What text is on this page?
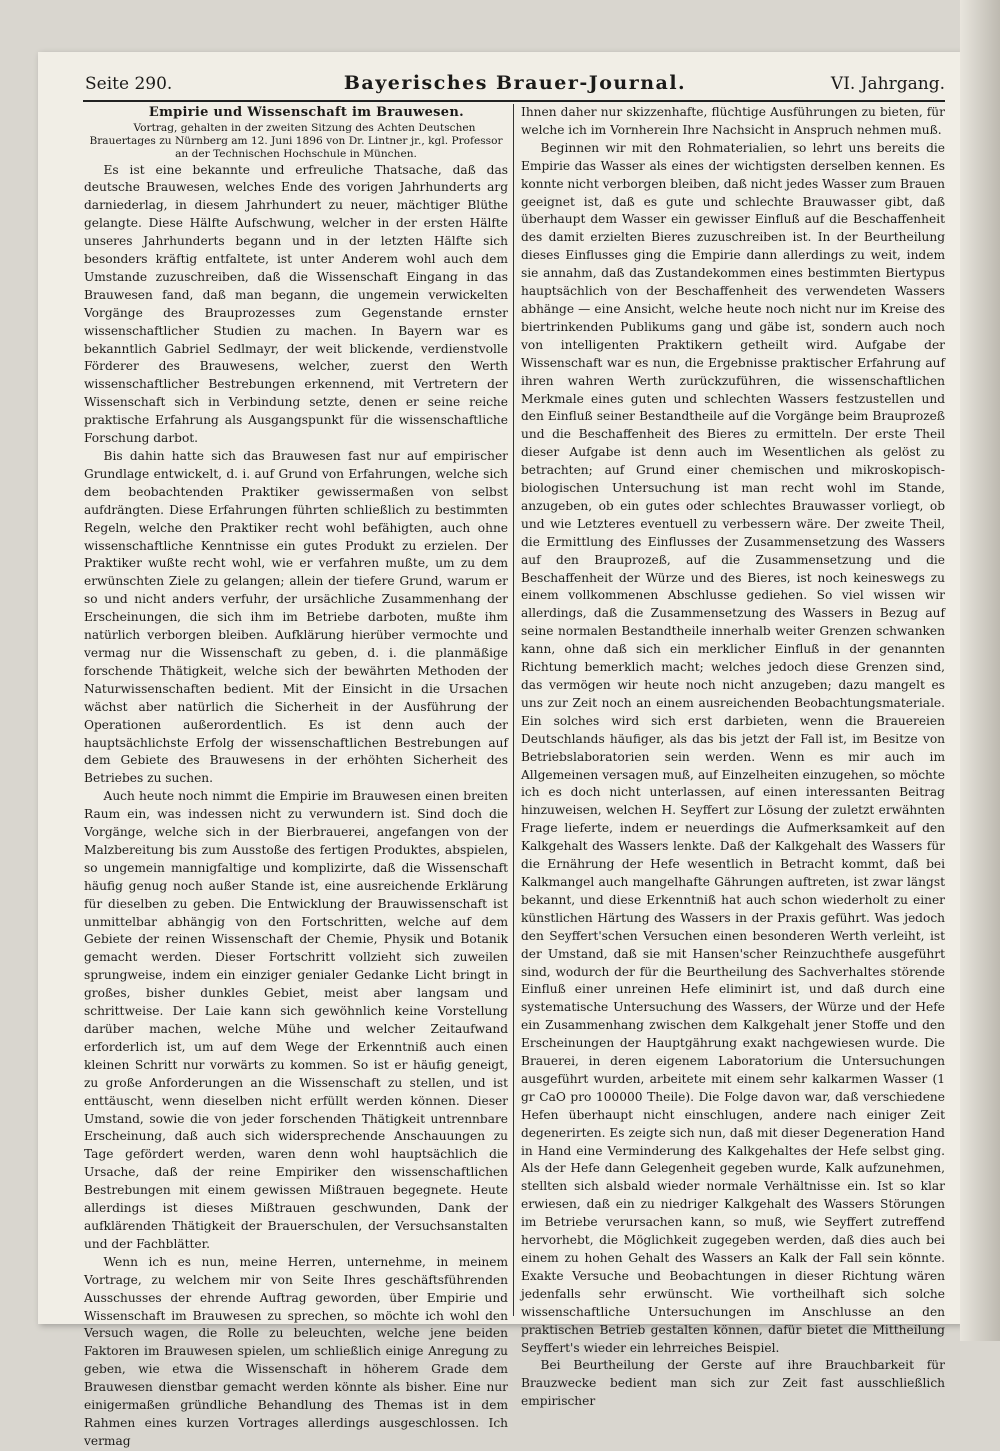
Seite 290.	Bayerisches Brauer-Journal.	VI. Jahrgang.

Empirie und Wissenschaft im Brauwesen.

Vortrag, gehalten in der zweiten Sitzung des Achten Deutschen Brauertages zu Nürnberg am 12. Juni 1896 von Dr. Lintner jr., kgl. Professor an der Technischen Hochschule in München.

Es ist eine bekannte und erfreuliche Thatsache, daß das deutsche Brauwesen, welches Ende des vorigen Jahrhunderts arg darniederlag, in diesem Jahrhundert zu neuer, mächtiger Blüthe gelangte. Diese Hälfte Aufschwung, welcher in der ersten Hälfte unseres Jahrhunderts begann und in der letzten Hälfte sich besonders kräftig entfaltete, ist unter Anderem wohl auch dem Umstande zuzuschreiben, daß die Wissenschaft Eingang in das Brauwesen fand, daß man begann, die ungemein verwickelten Vorgänge des Brauprozesses zum Gegenstande ernster wissenschaftlicher Studien zu machen. In Bayern war es bekanntlich Gabriel Sedlmayr, der weit blickende, verdienstvolle Förderer des Brauwesens, welcher, zuerst den Werth wissenschaftlicher Bestrebungen erkennend, mit Vertretern der Wissenschaft sich in Verbindung setzte, denen er seine reiche praktische Erfahrung als Ausgangspunkt für die wissenschaftliche Forschung darbot.

Bis dahin hatte sich das Brauwesen fast nur auf empirischer Grundlage entwickelt, d. i. auf Grund von Erfahrungen, welche sich dem beobachtenden Praktiker gewissermaßen von selbst aufdrängten. Diese Erfahrungen führten schließlich zu bestimmten Regeln, welche den Praktiker recht wohl befähigten, auch ohne wissenschaftliche Kenntnisse ein gutes Produkt zu erzielen. Der Praktiker wußte recht wohl, wie er verfahren mußte, um zu dem erwünschten Ziele zu gelangen; allein der tiefere Grund, warum er so und nicht anders verfuhr, der ursächliche Zusammenhang der Erscheinungen, die sich ihm im Betriebe darboten, mußte ihm natürlich verborgen bleiben. Aufklärung hierüber vermochte und vermag nur die Wissenschaft zu geben, d. i. die planmäßige forschende Thätigkeit, welche sich der bewährten Methoden der Naturwissenschaften bedient. Mit der Einsicht in die Ursachen wächst aber natürlich die Sicherheit in der Ausführung der Operationen außerordentlich. Es ist denn auch der hauptsächlichste Erfolg der wissenschaftlichen Bestrebungen auf dem Gebiete des Brauwesens in der erhöhten Sicherheit des Betriebes zu suchen.

Auch heute noch nimmt die Empirie im Brauwesen einen breiten Raum ein, was indessen nicht zu verwundern ist. Sind doch die Vorgänge, welche sich in der Bierbrauerei, angefangen von der Malzbereitung bis zum Ausstoße des fertigen Produktes, abspielen, so ungemein mannigfaltige und komplizirte, daß die Wissenschaft häufig genug noch außer Stande ist, eine ausreichende Erklärung für dieselben zu geben. Die Entwicklung der Brauwissenschaft ist unmittelbar abhängig von den Fortschritten, welche auf dem Gebiete der reinen Wissenschaft der Chemie, Physik und Botanik gemacht werden. Dieser Fortschritt vollzieht sich zuweilen sprungweise, indem ein einziger genialer Gedanke Licht bringt in großes, bisher dunkles Gebiet, meist aber langsam und schrittweise. Der Laie kann sich gewöhnlich keine Vorstellung darüber machen, welche Mühe und welcher Zeitaufwand erforderlich ist, um auf dem Wege der Erkenntniß auch einen kleinen Schritt nur vorwärts zu kommen. So ist er häufig geneigt, zu große Anforderungen an die Wissenschaft zu stellen, und ist enttäuscht, wenn dieselben nicht erfüllt werden können. Dieser Umstand, sowie die von jeder forschenden Thätigkeit untrennbare Erscheinung, daß auch sich widersprechende Anschauungen zu Tage gefördert werden, waren denn wohl hauptsächlich die Ursache, daß der reine Empiriker den wissenschaftlichen Bestrebungen mit einem gewissen Mißtrauen begegnete. Heute allerdings ist dieses Mißtrauen geschwunden, Dank der aufklärenden Thätigkeit der Brauerschulen, der Versuchsanstalten und der Fachblätter.

Wenn ich es nun, meine Herren, unternehme, in meinem Vortrage, zu welchem mir von Seite Ihres geschäftsführenden Ausschusses der ehrende Auftrag geworden, über Empirie und Wissenschaft im Brauwesen zu sprechen, so möchte ich wohl den Versuch wagen, die Rolle zu beleuchten, welche jene beiden Faktoren im Brauwesen spielen, um schließlich einige Anregung zu geben, wie etwa die Wissenschaft in höherem Grade dem Brauwesen dienstbar gemacht werden könnte als bisher. Eine nur einigermaßen gründliche Behandlung des Themas ist in dem Rahmen eines kurzen Vortrages allerdings ausgeschlossen. Ich vermag

Ihnen daher nur skizzenhafte, flüchtige Ausführungen zu bieten, für welche ich im Vornherein Ihre Nachsicht in Anspruch nehmen muß.

Beginnen wir mit den Rohmaterialien, so lehrt uns bereits die Empirie das Wasser als eines der wichtigsten derselben kennen. Es konnte nicht verborgen bleiben, daß nicht jedes Wasser zum Brauen geeignet ist, daß es gute und schlechte Brauwasser gibt, daß überhaupt dem Wasser ein gewisser Einfluß auf die Beschaffenheit des damit erzielten Bieres zuzuschreiben ist. In der Beurtheilung dieses Einflusses ging die Empirie dann allerdings zu weit, indem sie annahm, daß das Zustandekommen eines bestimmten Biertypus hauptsächlich von der Beschaffenheit des verwendeten Wassers abhänge — eine Ansicht, welche heute noch nicht nur im Kreise des biertrinkenden Publikums gang und gäbe ist, sondern auch noch von intelligenten Praktikern getheilt wird. Aufgabe der Wissenschaft war es nun, die Ergebnisse praktischer Erfahrung auf ihren wahren Werth zurückzuführen, die wissenschaftlichen Merkmale eines guten und schlechten Wassers festzustellen und den Einfluß seiner Bestandtheile auf die Vorgänge beim Brauprozeß und die Beschaffenheit des Bieres zu ermitteln. Der erste Theil dieser Aufgabe ist denn auch im Wesentlichen als gelöst zu betrachten; auf Grund einer chemischen und mikroskopisch-biologischen Untersuchung ist man recht wohl im Stande, anzugeben, ob ein gutes oder schlechtes Brauwasser vorliegt, ob und wie Letzteres eventuell zu verbessern wäre. Der zweite Theil, die Ermittlung des Einflusses der Zusammensetzung des Wassers auf den Brauprozeß, auf die Zusammensetzung und die Beschaffenheit der Würze und des Bieres, ist noch keineswegs zu einem vollkommenen Abschlusse gediehen. So viel wissen wir allerdings, daß die Zusammensetzung des Wassers in Bezug auf seine normalen Bestandtheile innerhalb weiter Grenzen schwanken kann, ohne daß sich ein merklicher Einfluß in der genannten Richtung bemerklich macht; welches jedoch diese Grenzen sind, das vermögen wir heute noch nicht anzugeben; dazu mangelt es uns zur Zeit noch an einem ausreichenden Beobachtungsmateriale. Ein solches wird sich erst darbieten, wenn die Brauereien Deutschlands häufiger, als das bis jetzt der Fall ist, im Besitze von Betriebslaboratorien sein werden. Wenn es mir auch im Allgemeinen versagen muß, auf Einzelheiten einzugehen, so möchte ich es doch nicht unterlassen, auf einen interessanten Beitrag hinzuweisen, welchen H. Seyffert zur Lösung der zuletzt erwähnten Frage lieferte, indem er neuerdings die Aufmerksamkeit auf den Kalkgehalt des Wassers lenkte. Daß der Kalkgehalt des Wassers für die Ernährung der Hefe wesentlich in Betracht kommt, daß bei Kalkmangel auch mangelhafte Gährungen auftreten, ist zwar längst bekannt, und diese Erkenntniß hat auch schon wiederholt zu einer künstlichen Härtung des Wassers in der Praxis geführt. Was jedoch den Seyffert'schen Versuchen einen besonderen Werth verleiht, ist der Umstand, daß sie mit Hansen'scher Reinzuchthefe ausgeführt sind, wodurch der für die Beurtheilung des Sachverhaltes störende Einfluß einer unreinen Hefe eliminirt ist, und daß durch eine systematische Untersuchung des Wassers, der Würze und der Hefe ein Zusammenhang zwischen dem Kalkgehalt jener Stoffe und den Erscheinungen der Hauptgährung exakt nachgewiesen wurde. Die Brauerei, in deren eigenem Laboratorium die Untersuchungen ausgeführt wurden, arbeitete mit einem sehr kalkarmen Wasser (1 gr CaO pro 100000 Theile). Die Folge davon war, daß verschiedene Hefen überhaupt nicht einschlugen, andere nach einiger Zeit degenerirten. Es zeigte sich nun, daß mit dieser Degeneration Hand in Hand eine Verminderung des Kalkgehaltes der Hefe selbst ging. Als der Hefe dann Gelegenheit gegeben wurde, Kalk aufzunehmen, stellten sich alsbald wieder normale Verhältnisse ein. Ist so klar erwiesen, daß ein zu niedriger Kalkgehalt des Wassers Störungen im Betriebe verursachen kann, so muß, wie Seyffert zutreffend hervorhebt, die Möglichkeit zugegeben werden, daß dies auch bei einem zu hohen Gehalt des Wassers an Kalk der Fall sein könnte. Exakte Versuche und Beobachtungen in dieser Richtung wären jedenfalls sehr erwünscht. Wie vortheilhaft sich solche wissenschaftliche Untersuchungen im Anschlusse an den praktischen Betrieb gestalten können, dafür bietet die Mittheilung Seyffert's wieder ein lehrreiches Beispiel.

Bei Beurtheilung der Gerste auf ihre Brauchbarkeit für Brauzwecke bedient man sich zur Zeit fast ausschließlich empirischer
